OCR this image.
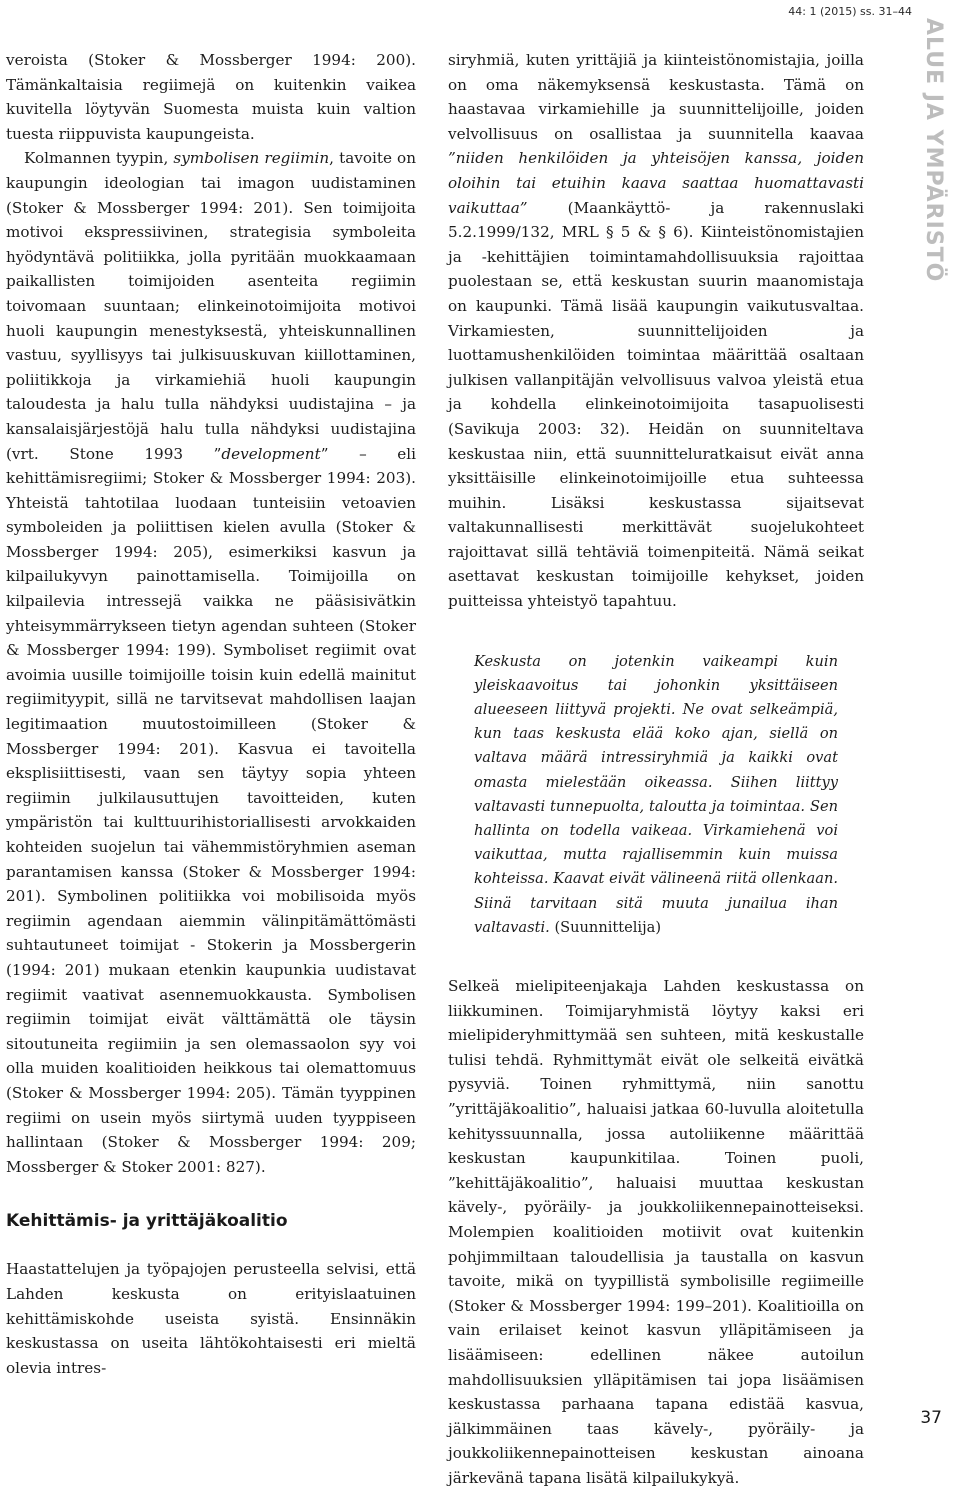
44: 1 (2015) ss. 31–44
ALUE JA YMPÄRISTÖ

veroista (Stoker & Mossberger 1994: 200). Tämänkaltaisia regiimejä on kuitenkin vaikea kuvitella löytyvän Suomesta muista kuin valtion tuesta riippuvista kaupungeista.

Kolmannen tyypin, symbolisen regiimin, tavoite on kaupungin ideologian tai imagon uudistaminen (Stoker & Mossberger 1994: 201). Sen toimijoita motivoi ekspressiivinen, strategisia symboleita hyödyntävä politiikka, jolla pyritään muokkaamaan paikallisten toimijoiden asenteita regiimin toivomaan suuntaan; elinkeinotoimijoita motivoi huoli kaupungin menestyksestä, yhteiskunnallinen vastuu, syyllisyys tai julkisuuskuvan kiillottaminen, poliitikkoja ja virkamiehiä huoli kaupungin taloudesta ja halu tulla nähdyksi uudistajina – ja kansalaisjärjestöjä halu tulla nähdyksi uudistajina (vrt. Stone 1993 ”development” – eli kehittämisregiimi; Stoker & Mossberger 1994: 203). Yhteistä tahtotilaa luodaan tunteisiin vetoavien symboleiden ja poliittisen kielen avulla (Stoker & Mossberger 1994: 205), esimerkiksi kasvun ja kilpailukyvyn painottamisella. Toimijoilla on kilpailevia intressejä vaikka ne pääsisivätkin yhteisymmärrykseen tietyn agendan suhteen (Stoker & Mossberger 1994: 199). Symboliset regiimit ovat avoimia uusille toimijoille toisin kuin edellä mainitut regiimityypit, sillä ne tarvitsevat mahdollisen laajan legitimaation muutostoimilleen (Stoker & Mossberger 1994: 201). Kasvua ei tavoitella eksplisiittisesti, vaan sen täytyy sopia yhteen regiimin julkilausuttujen tavoitteiden, kuten ympäristön tai kulttuurihistoriallisesti arvokkaiden kohteiden suojelun tai vähemmistöryhmien aseman parantamisen kanssa (Stoker & Mossberger 1994: 201). Symbolinen politiikka voi mobilisoida myös regiimin agendaan aiemmin välinpitämättömästi suhtautuneet toimijat - Stokerin ja Mossbergerin (1994: 201) mukaan etenkin kaupunkia uudistavat regiimit vaativat asennemuokkausta. Symbolisen regiimin toimijat eivät välttämättä ole täysin sitoutuneita regiimiin ja sen olemassaolon syy voi olla muiden koalitioiden heikkous tai olemattomuus (Stoker & Mossberger 1994: 205). Tämän tyyppinen regiimi on usein myös siirtymä uuden tyyppiseen hallintaan (Stoker & Mossberger 1994: 209; Mossberger & Stoker 2001: 827).

Kehittämis- ja yrittäjäkoalitio

Haastattelujen ja työpajojen perusteella selvisi, että Lahden keskusta on erityislaatuinen kehittämiskohde useista syistä. Ensinnäkin keskustassa on useita lähtökohtaisesti eri mieltä olevia intres-

siryhmiä, kuten yrittäjiä ja kiinteistönomistajia, joilla on oma näkemyksensä keskustasta. Tämä on haastavaa virkamiehille ja suunnittelijoille, joiden velvollisuus on osallistaa ja suunnitella kaavaa ”niiden henkilöiden ja yhteisöjen kanssa, joiden oloihin tai etuihin kaava saattaa huomattavasti vaikuttaa” (Maankäyttö- ja rakennuslaki 5.2.1999/132, MRL § 5 & § 6). Kiinteistönomistajien ja -kehittäjien toimintamahdollisuuksia rajoittaa puolestaan se, että keskustan suurin maanomistaja on kaupunki. Tämä lisää kaupungin vaikutusvaltaa. Virkamiesten, suunnittelijoiden ja luottamushenkilöiden toimintaa määrittää osaltaan julkisen vallanpitäjän velvollisuus valvoa yleistä etua ja kohdella elinkeinotoimijoita tasapuolisesti (Savikuja 2003: 32). Heidän on suunniteltava keskustaa niin, että suunnitteluratkaisut eivät anna yksittäisille elinkeinotoimijoille etua suhteessa muihin. Lisäksi keskustassa sijaitsevat valtakunnallisesti merkittävät suojelukohteet rajoittavat sillä tehtäviä toimenpiteitä. Nämä seikat asettavat keskustan toimijoille kehykset, joiden puitteissa yhteistyö tapahtuu.

Keskusta on jotenkin vaikeampi kuin yleiskaavoitus tai johonkin yksittäiseen alueeseen liittyvä projekti. Ne ovat selkeämpiä, kun taas keskusta elää koko ajan, siellä on valtava määrä intressiryhmiä ja kaikki ovat omasta mielestään oikeassa. Siihen liittyy valtavasti tunnepuolta, taloutta ja toimintaa. Sen hallinta on todella vaikeaa. Virkamiehenä voi vaikuttaa, mutta rajallisemmin kuin muissa kohteissa. Kaavat eivät välineenä riitä ollenkaan. Siinä tarvitaan sitä muuta junailua ihan valtavasti. (Suunnittelija)

Selkeä mielipiteenjakaja Lahden keskustassa on liikkuminen. Toimijaryhmistä löytyy kaksi eri mielipideryhmittymää sen suhteen, mitä keskustalle tulisi tehdä. Ryhmittymät eivät ole selkeitä eivätkä pysyviä. Toinen ryhmittymä, niin sanottu ”yrittäjäkoalitio”, haluaisi jatkaa 60-luvulla aloitetulla kehityssuunnalla, jossa autoliikenne määrittää keskustan kaupunkitilaa. Toinen puoli, ”kehittäjäkoalitio”, haluaisi muuttaa keskustan kävely-, pyöräily- ja joukkoliikennepainotteiseksi. Molempien koalitioiden motiivit ovat kuitenkin pohjimmiltaan taloudellisia ja taustalla on kasvun tavoite, mikä on tyypillistä symbolisille regiimeille (Stoker & Mossberger 1994: 199–201). Koalitioilla on vain erilaiset keinot kasvun ylläpitämiseen ja lisäämiseen: edellinen näkee autoilun mahdollisuuksien ylläpitämisen tai jopa lisäämisen keskustassa parhaana tapana edistää kasvua, jälkimmäinen taas kävely-, pyöräily- ja joukkoliikennepainotteisen keskustan ainoana järkevänä tapana lisätä kilpailukykyä.

37
